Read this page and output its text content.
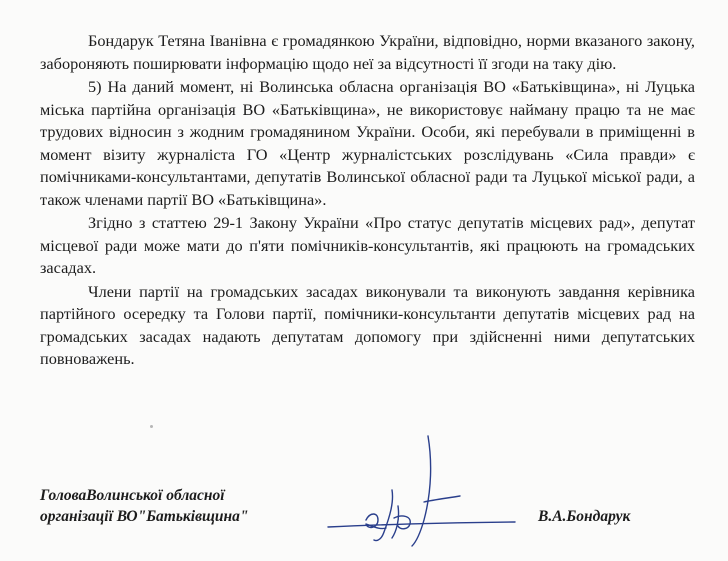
Бондарук Тетяна Іванівна є громадянкою України, відповідно, норми вказаного закону, забороняють поширювати інформацію щодо неї за відсутності її згоди на таку дію.

5) На даний момент, ні Волинська обласна організація ВО «Батьківщина», ні Луцька міська партійна організація ВО «Батьківщина», не використовує найману працю та не має трудових відносин з жодним громадянином України. Особи, які перебували в приміщенні в момент візиту журналіста ГО «Центр журналістських розслідувань «Сила правди» є помічниками-консультантами, депутатів Волинської обласної ради та Луцької міської ради, а також членами партії ВО «Батьківщина».

Згідно з статтею 29-1 Закону України «Про статус депутатів місцевих рад», депутат місцевої ради може мати до п'яти помічників-консультантів, які працюють на громадських засадах.

Члени партії на громадських засадах виконували та виконують завдання керівника партійного осередку та Голови партії, помічники-консультанти депутатів місцевих рад на громадських засадах надають депутатам допомогу при здійсненні ними депутатських повноважень.

ГоловаВолинської обласної
організації ВО"Батьківщина"	В.А.Бондарук
